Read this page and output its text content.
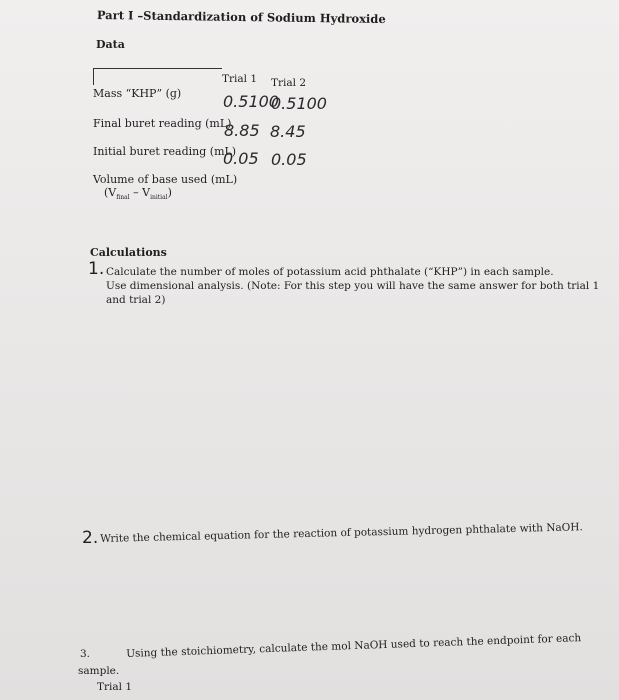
Part I –Standardization of Sodium Hydroxide
Data
Trial 1 Trial 2
Mass “KHP” (g)	0.5100
0.5100
Final buret reading (mL)
8.85 8.45
Initial buret reading (mL)
0.05 0.05
Volume of base used (mL)
$(V_{final} - V_{initial})$
Calculations
1. Calculate the number of moles of potassium acid phthalate (“KHP”) in each sample.
Use dimensional analysis. (Note: For this step you will have the same answer for both trial 1
and trial 2)
2. Write the chemical equation for the reaction of potassium hydrogen phthalate with NaOH.
3.	Using the stoichiometry, calculate the mol NaOH used to reach the endpoint for each
sample.
Trial 1
